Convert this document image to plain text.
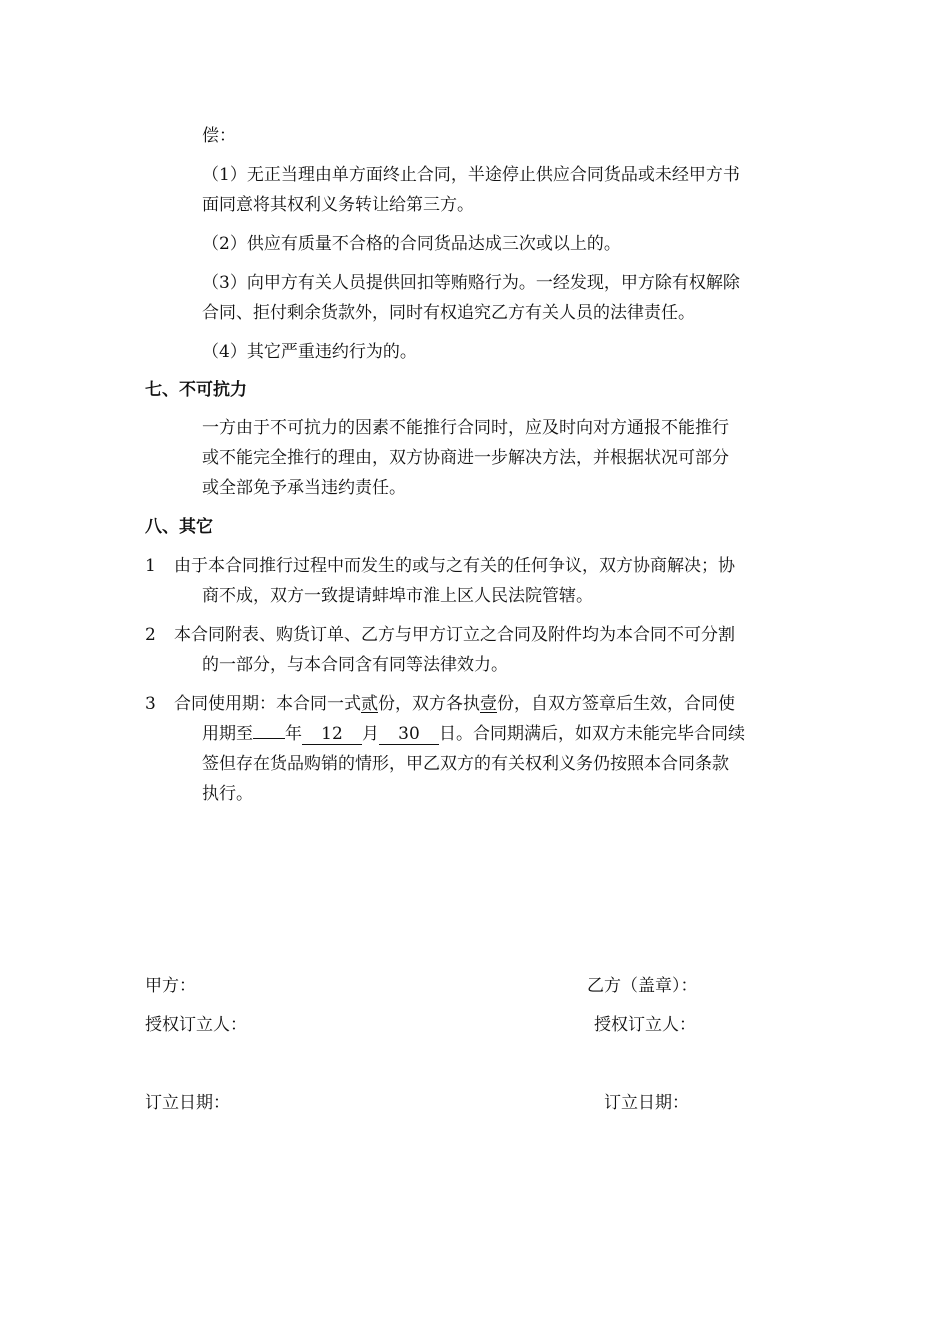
偿：
（1）无正当理由单方面终止合同，半途停止供应合同货品或未经甲方书
面同意将其权利义务转让给第三方。
（2）供应有质量不合格的合同货品达成三次或以上的。
（3）向甲方有关人员提供回扣等贿赂行为。一经发现，甲方除有权解除
合同、拒付剩余货款外，同时有权追究乙方有关人员的法律责任。
（4）其它严重违约行为的。
七、不可抗力
一方由于不可抗力的因素不能推行合同时，应及时向对方通报不能推行
或不能完全推行的理由，双方协商进一步解决方法，并根据状况可部分
或全部免予承当违约责任。
八、其它
1 由于本合同推行过程中而发生的或与之有关的任何争议，双方协商解决；协
商不成，双方一致提请蚌埠市淮上区人民法院管辖。
2 本合同附表、购货订单、乙方与甲方订立之合同及附件均为本合同不可分割
的一部分，与本合同含有同等法律效力。
3 合同使用期：本合同一式贰份，双方各执壹份，自双方签章后生效，合同使
用期至 年 12 月 30 日。合同期满后，如双方未能完毕合同续
签但存在货品购销的情形，甲乙双方的有关权利义务仍按照本合同条款
执行。
甲方：	乙方（盖章）：
授权订立人：	授权订立人：
订立日期：	订立日期：
